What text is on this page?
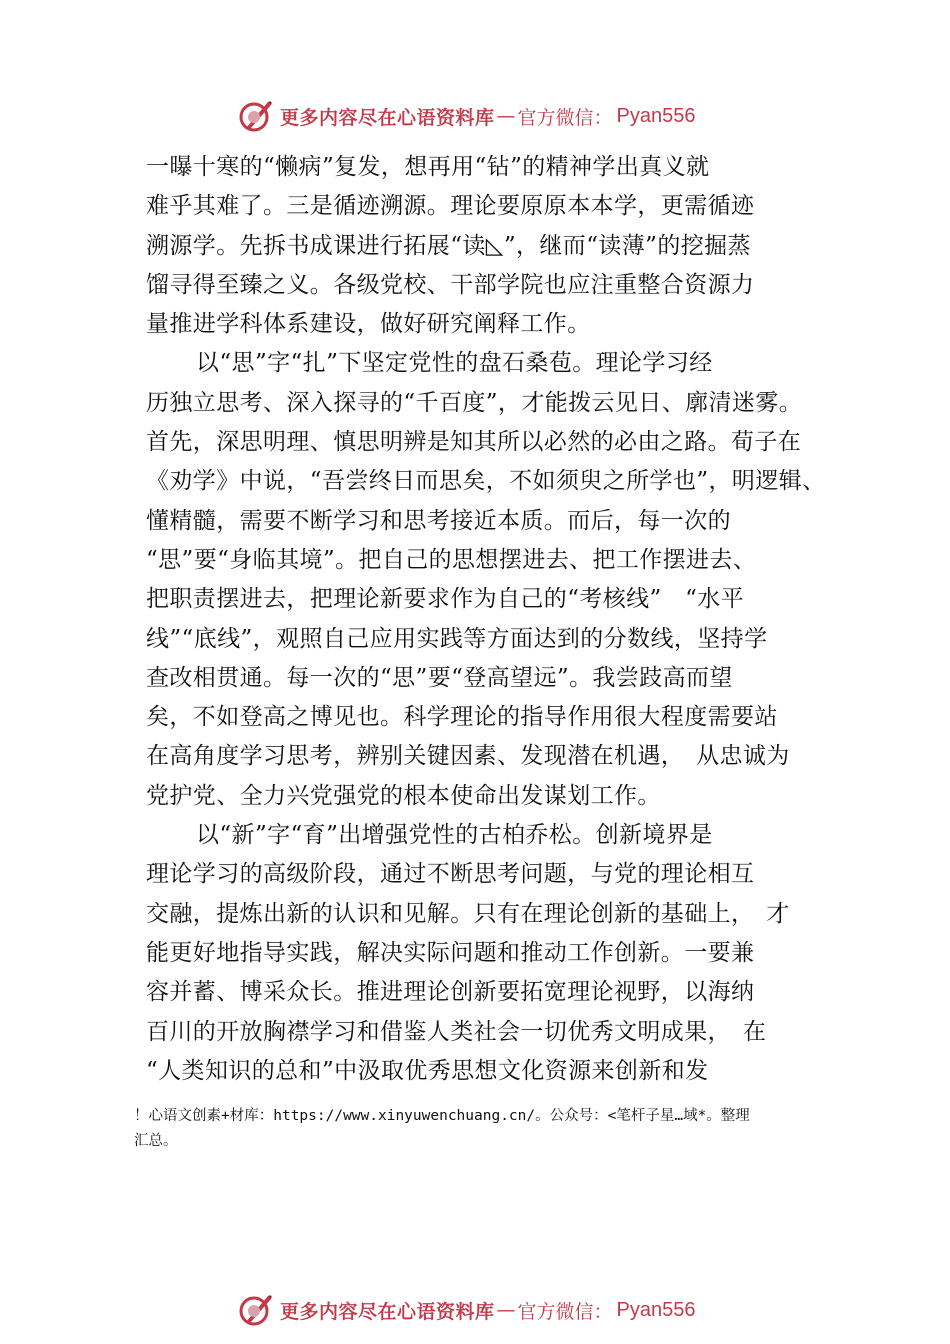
更多内容尽在心语资料库 — 官方微信： Pyan556
一曝十寒的“懒病”复发，想再用“钻”的精神学出真义就
难乎其难了。三是循迹溯源。理论要原原本本学，更需循迹
溯源学。先拆书成课进行拓展“读◺”，继而“读薄”的挖掘蒸
馏寻得至臻之义。各级党校、干部学院也应注重整合资源力
量推进学科体系建设，做好研究阐释工作。
以“思”字“扎”下坚定党性的盘石桑苞。理论学习经
历独立思考、深入探寻的“千百度”，才能拨云见日、廓清迷雾。
首先，深思明理、慎思明辨是知其所以必然的必由之路。荀子在
《劝学》中说，“吾尝终日而思矣，不如须臾之所学也”，明逻辑、
懂精髓，需要不断学习和思考接近本质。而后，每一次的
“思”要“身临其境”。把自己的思想摆进去、把工作摆进去、
把职责摆进去，把理论新要求作为自己的“考核线”　“水平
线”“底线”，观照自己应用实践等方面达到的分数线，坚持学
查改相贯通。每一次的“思”要“登高望远”。我尝跂高而望
矣，不如登高之博见也。科学理论的指导作用很大程度需要站
在高角度学习思考，辨别关键因素、发现潜在机遇，　从忠诚为
党护党、全力兴党强党的根本使命出发谋划工作。
以“新”字“育”出增强党性的古柏乔松。创新境界是
理论学习的高级阶段，通过不断思考问题，与党的理论相互
交融，提炼出新的认识和见解。只有在理论创新的基础上，　才
能更好地指导实践，解决实际问题和推动工作创新。一要兼
容并蓄、博采众长。推进理论创新要拓宽理论视野，以海纳
百川的开放胸襟学习和借鉴人类社会一切优秀文明成果，　在
“人类知识的总和”中汲取优秀思想文化资源来创新和发
！心语文创素+材库：https://www.xinyuwenchuang.cn/。公众号：<笔杆子星…域*。整理
汇总。
更多内容尽在心语资料库 — 官方微信： Pyan556
